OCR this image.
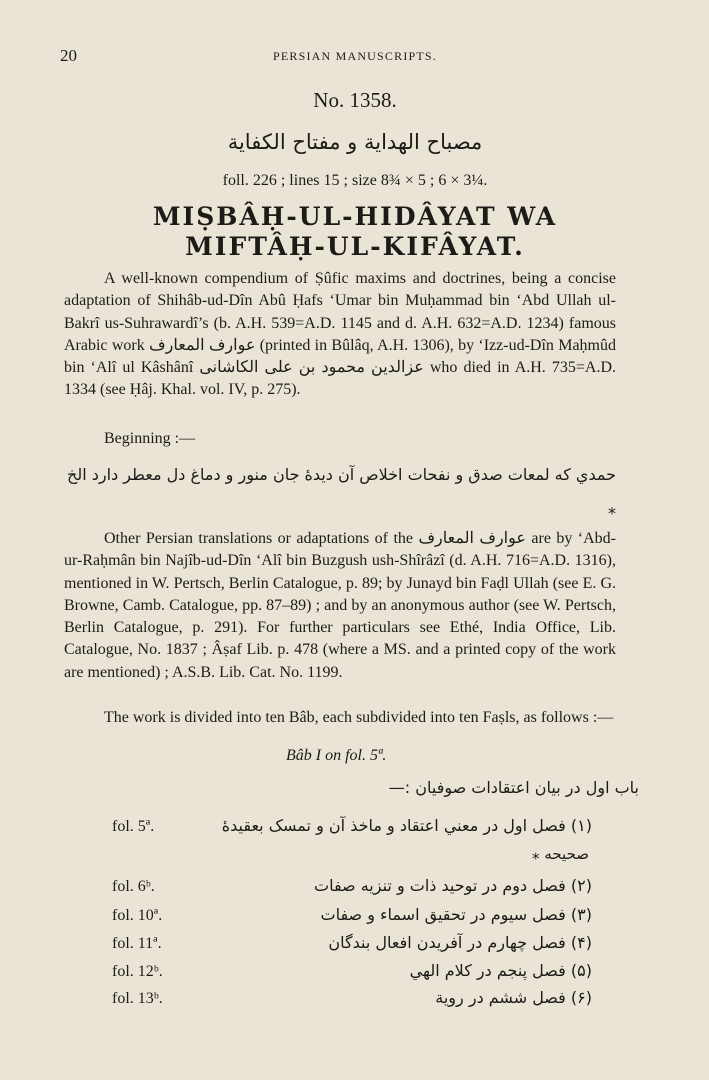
20	PERSIAN MANUSCRIPTS.
No. 1358.
مصباح الهداية و مفتاح الكفاية
foll. 226 ; lines 15 ; size 8¾ × 5 ; 6 × 3¼.
MIṢBÂḤ-UL-HIDÂYAT WA
MIFTÂḤ-UL-KIFÂYAT.
A well-known compendium of Ṣûfic maxims and doctrines, being a concise adaptation of Shihâb-ud-Dîn Abû Ḥafs ‘Umar bin Muḥammad bin ‘Abd Ullah ul-Bakrî us-Suhrawardî’s (b. A.H. 539=A.D. 1145 and d. A.H. 632=A.D. 1234) famous Arabic work عوارف المعارف (printed in Bûlâq, A.H. 1306), by ‘Izz-ud-Dîn Maḥmûd bin ‘Alî ul Kâshânî عزالدين محمود بن على الكاشانى who died in A.H. 735=A.D. 1334 (see Ḥâj. Khal. vol. IV, p. 275).
Beginning :—
حمدي كه لمعات صدق و نفحات اخلاص آن ديدهٔ جان منور و دماغ دل معطر دارد الخ ⁎
Other Persian translations or adaptations of the عوارف المعارف are by ‘Abd-ur-Raḥmân bin Najîb-ud-Dîn ‘Alî bin Buzgush ush-Shîrâzî (d. A.H. 716=A.D. 1316), mentioned in W. Pertsch, Berlin Catalogue, p. 89; by Junayd bin Faḍl Ullah (see E. G. Browne, Camb. Catalogue, pp. 87–89) ; and by an anonymous author (see W. Pertsch, Berlin Catalogue, p. 291). For further particulars see Ethé, India Office, Lib. Catalogue, No. 1837 ; Âṣaf Lib. p. 478 (where a MS. and a printed copy of the work are mentioned) ; A.S.B. Lib. Cat. No. 1199.
The work is divided into ten Bâb, each subdivided into ten Faṣls, as follows :—
Bâb I on fol. 5ª.
باب اول در بيان اعتقادات صوفيان :—
صحيحه ⁎
fol. 5ª.	(۱) فصل اول در معني اعتقاد و ماخذ آن و تمسک بعقيدهٔ
fol. 6ᵇ.	(۲) فصل دوم در توحيد ذات و تنزيه صفات
fol. 10ª.	(۳) فصل سيوم در تحقيق اسماء و صفات
fol. 11ª.	(۴) فصل چهارم در آفريدن افعال بندگان
fol. 12ᵇ.	(۵) فصل پنجم در كلام الهي
fol. 13ᵇ.	(۶) فصل ششم در روية
